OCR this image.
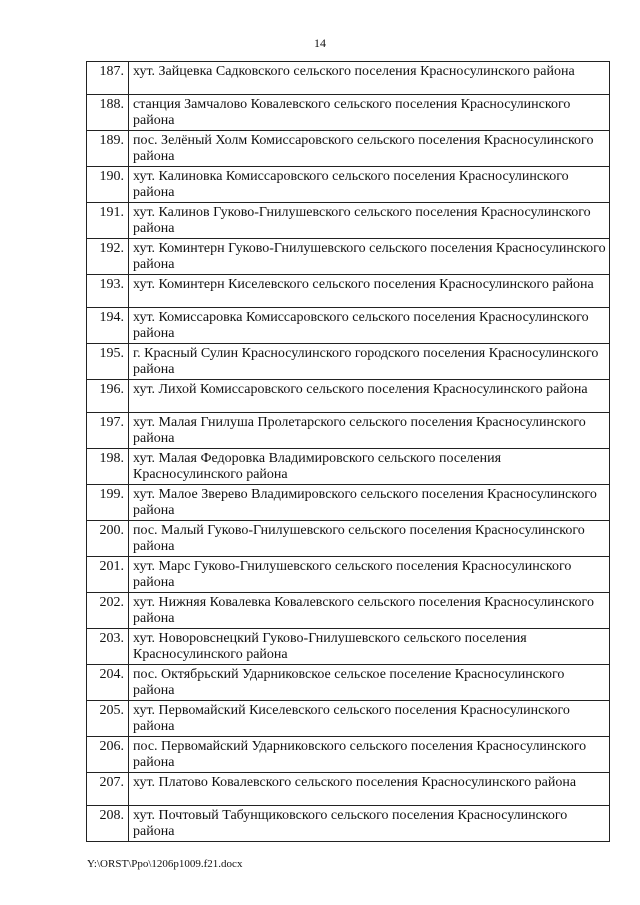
14
187.	хут. Зайцевка Садковского сельского поселения Красносулинского района
188.	станция Замчалово Ковалевского сельского поселения Красносулинского района
189.	пос. Зелёный Холм Комиссаровского сельского поселения Красносулинского района
190.	хут. Калиновка Комиссаровского сельского поселения Красносулинского района
191.	хут. Калинов Гуково-Гнилушевского сельского поселения Красносулинского района
192.	хут. Коминтерн Гуково-Гнилушевского сельского поселения Красносулинского района
193.	хут. Коминтерн Киселевского сельского поселения Красносулинского района
194.	хут. Комиссаровка Комиссаровского сельского поселения Красносулинского района
195.	г. Красный Сулин Красносулинского городского поселения Красносулинского района
196.	хут. Лихой Комиссаровского сельского поселения Красносулинского района
197.	хут. Малая Гнилуша Пролетарского сельского поселения Красносулинского района
198.	хут. Малая Федоровка Владимировского сельского поселения Красносулинского района
199.	хут. Малое Зверево Владимировского сельского поселения Красносулинского района
200.	пос. Малый Гуково-Гнилушевского сельского поселения Красносулинского района
201.	хут. Марс Гуково-Гнилушевского сельского поселения Красносулинского района
202.	хут. Нижняя Ковалевка Ковалевского сельского поселения Красносулинского района
203.	хут. Новоровснецкий Гуково-Гнилушевского сельского поселения Красносулинского района
204.	пос. Октябрьский Ударниковское сельское поселение Красносулинского района
205.	хут. Первомайский Киселевского сельского поселения Красносулинского района
206.	пос. Первомайский Ударниковского сельского поселения Красносулинского района
207.	хут. Платово Ковалевского сельского поселения Красносулинского района
208.	хут. Почтовый Табунщиковского сельского поселения Красносулинского района
Y:\ORST\Ppo\1206p1009.f21.docx
